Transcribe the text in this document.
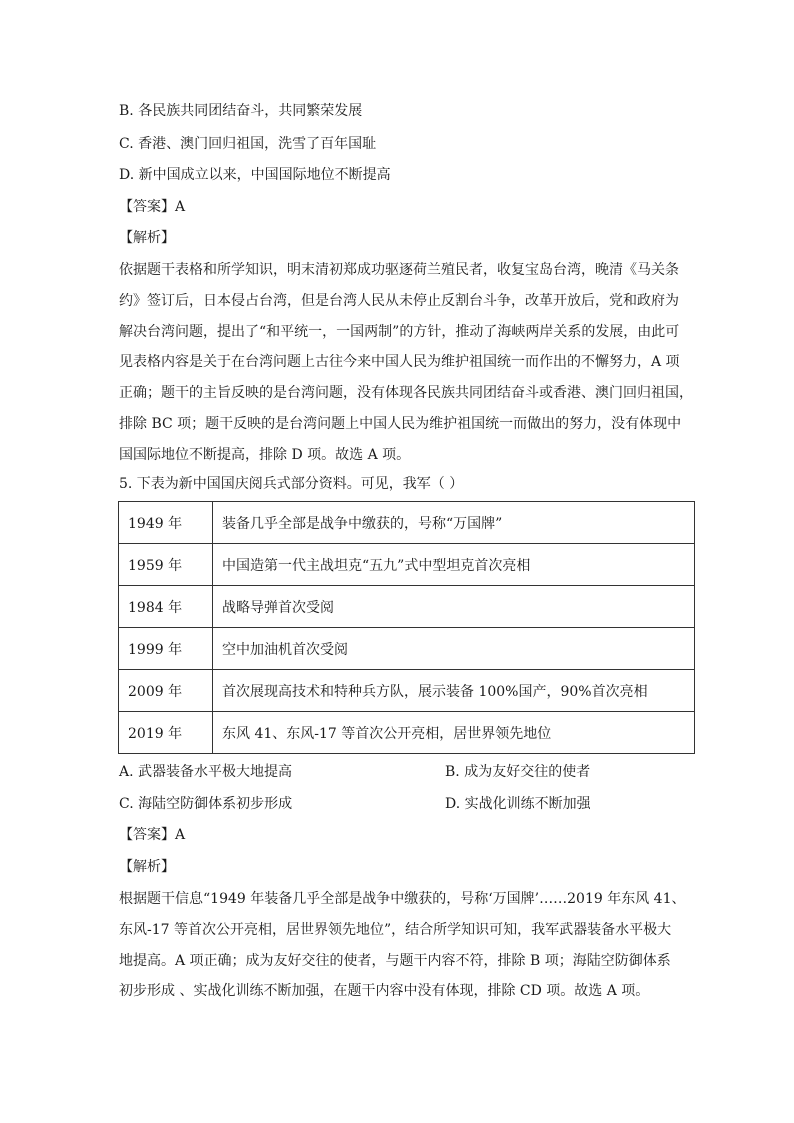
B. 各民族共同团结奋斗，共同繁荣发展
C. 香港、澳门回归祖国，洗雪了百年国耻
D. 新中国成立以来，中国国际地位不断提高
【答案】A
【解析】
依据题干表格和所学知识，明末清初郑成功驱逐荷兰殖民者，收复宝岛台湾，晚清《马关条
约》签订后，日本侵占台湾，但是台湾人民从未停止反割台斗争，改革开放后，党和政府为
解决台湾问题，提出了“和平统一，一国两制”的方针，推动了海峡两岸关系的发展，由此可
见表格内容是关于在台湾问题上古往今来中国人民为维护祖国统一而作出的不懈努力，A 项
正确；题干的主旨反映的是台湾问题，没有体现各民族共同团结奋斗或香港、澳门回归祖国，
排除 BC 项；题干反映的是台湾问题上中国人民为维护祖国统一而做出的努力，没有体现中
国国际地位不断提高，排除 D 项。故选 A 项。
5. 下表为新中国国庆阅兵式部分资料。可见，我军（ ）
1949 年	装备几乎全部是战争中缴获的，号称“万国牌”
1959 年	中国造第一代主战坦克“五九”式中型坦克首次亮相
1984 年	战略导弹首次受阅
1999 年	空中加油机首次受阅
2009 年	首次展现高技术和特种兵方队，展示装备 100%国产，90%首次亮相
2019 年	东风 41、东风-17 等首次公开亮相，居世界领先地位
A. 武器装备水平极大地提高	B. 成为友好交往的使者
C. 海陆空防御体系初步形成	D. 实战化训练不断加强
【答案】A
【解析】
根据题干信息“1949 年装备几乎全部是战争中缴获的，号称‘万国牌’……2019 年东风 41、
东风-17 等首次公开亮相，居世界领先地位”，结合所学知识可知，我军武器装备水平极大
地提高。A 项正确；成为友好交往的使者，与题干内容不符，排除 B 项；海陆空防御体系
初步形成 、实战化训练不断加强，在题干内容中没有体现，排除 CD 项。故选 A 项。
